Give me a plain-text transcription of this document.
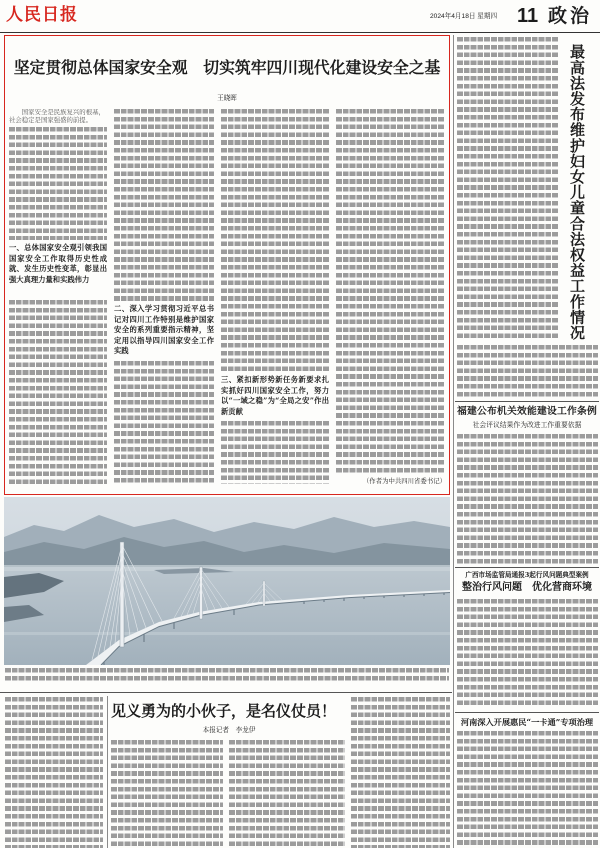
人民日报	2024年4月18日 星期四 11 政治
坚定贯彻总体国家安全观　切实筑牢四川现代化建设安全之基
王晓晖
国家安全是民族复兴的根基，社会稳定是国家强盛的前提。
一、总体国家安全观引领我国国家安全工作取得历史性成就、发生历史性变革，彰显出强大真理力量和实践伟力
二、深入学习贯彻习近平总书记对四川工作特别是维护国家安全的系列重要指示精神，坚定用以指导四川国家安全工作实践
三、紧扣新形势新任务新要求扎实抓好四川国家安全工作，努力以“一域之稳”为“全局之安”作出新贡献
（作者为中共四川省委书记）
见义勇为的小伙子，是名仪仗员！
本报记者　李龙伊
最高法发布维护妇女儿童合法权益工作情况
福建公布机关效能建设工作条例
社会评议结果作为改进工作重要依据
广西市场监管局通报3起行风问题典型案例
整治行风问题　优化营商环境
河南深入开展惠民“一卡通”专项治理
